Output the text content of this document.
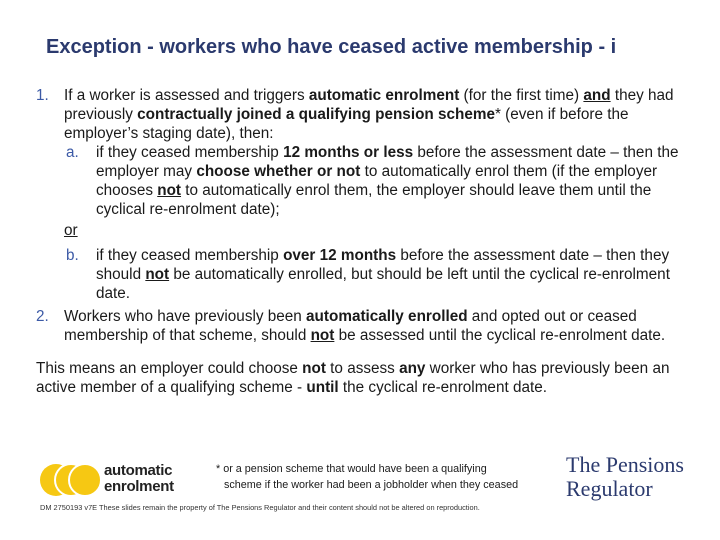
Exception - workers who have ceased active membership - i
1. If a worker is assessed and triggers automatic enrolment (for the first time) and they had previously contractually joined a qualifying pension scheme* (even if before the employer’s staging date), then:
a. if they ceased membership 12 months or less before the assessment date – then the employer may choose whether or not to automatically enrol them (if the employer chooses not to automatically enrol them, the employer should leave them until the cyclical re-enrolment date);
or
b. if they ceased membership over 12 months before the assessment date – then they should not be automatically enrolled, but should be left until the cyclical re-enrolment date.
2. Workers who have previously been automatically enrolled and opted out or ceased membership of that scheme, should not be assessed until the cyclical re-enrolment date.
This means an employer could choose not to assess any worker who has previously been an active member of a qualifying scheme - until the cyclical re-enrolment date.
automatic
enrolment
* or a pension scheme that would have been a qualifying
scheme if the worker had been a jobholder when they ceased
The Pensions
Regulator
DM 2750193 v7E These slides remain the property of The Pensions Regulator and their content should not be altered on reproduction.
